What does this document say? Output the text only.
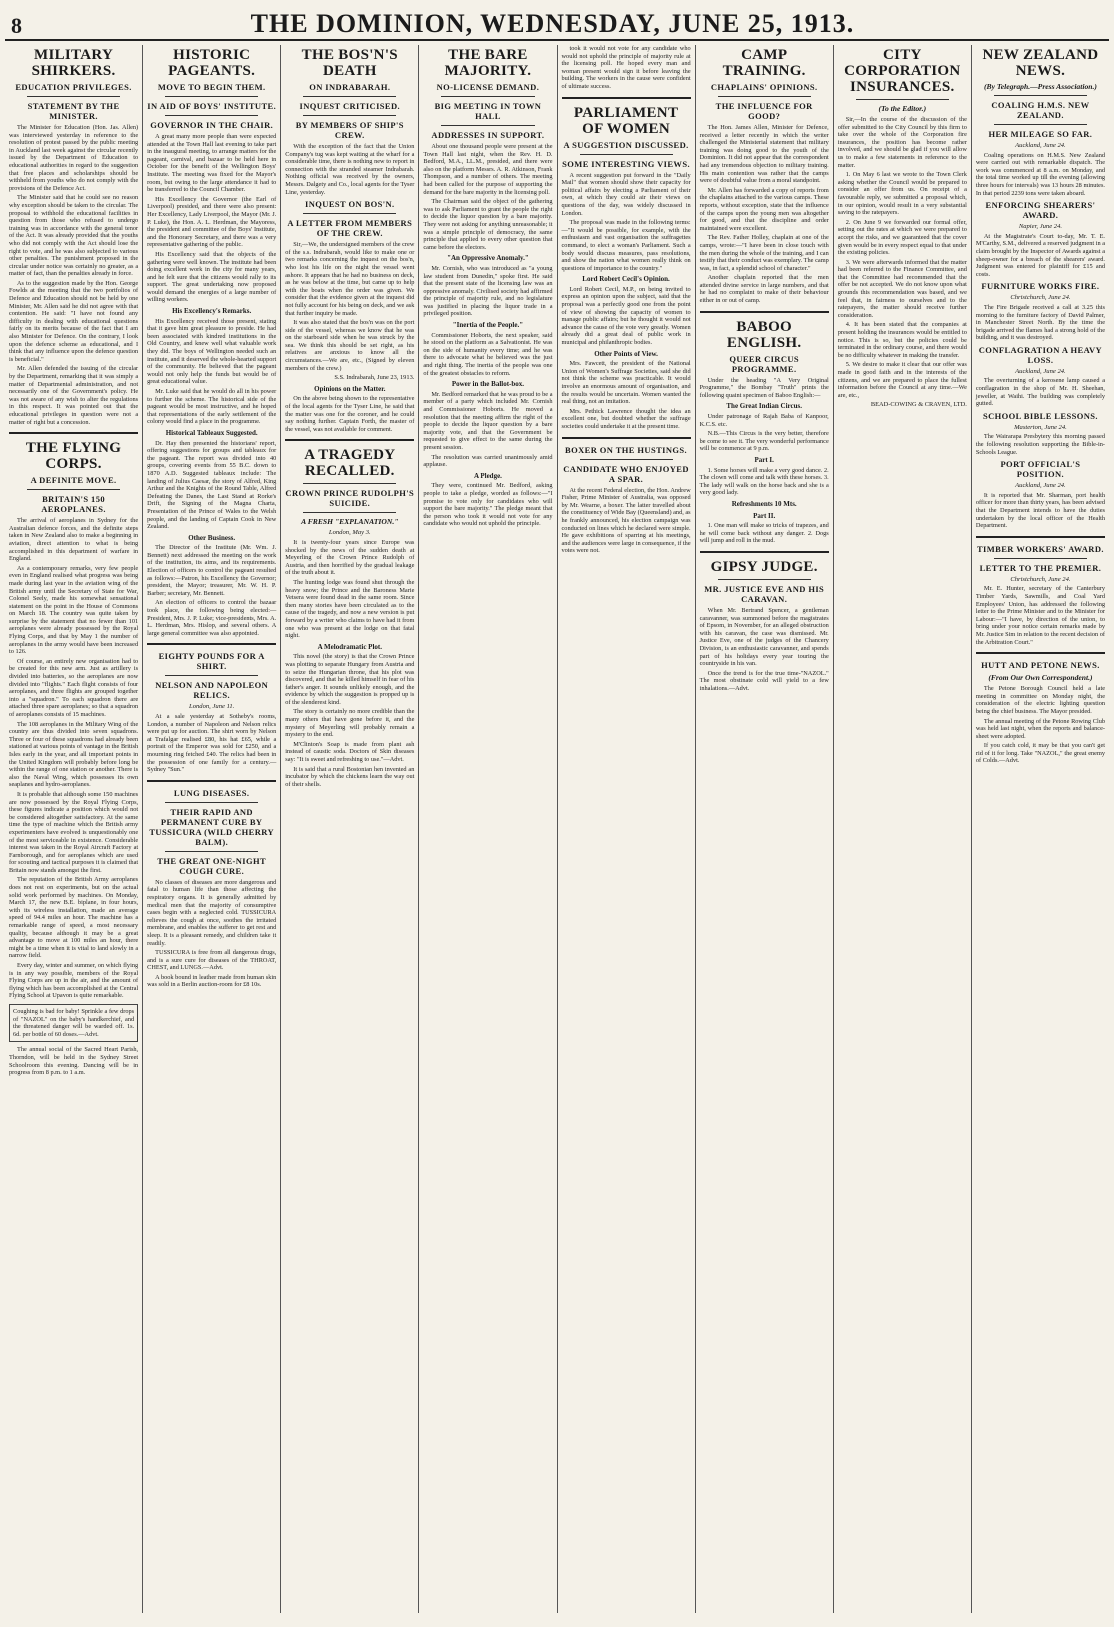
8	THE DOMINION, WEDNESDAY, JUNE 25, 1913.
MILITARY SHIRKERS.
EDUCATION PRIVILEGES.
STATEMENT BY THE MINISTER.

The Minister for Education (Hon. Jas. Allen) was interviewed yesterday in reference to the resolution of protest passed by the public meeting in Auckland last week against the circular recently issued by the Department of Education to educational authorities in regard to the suggestion that free places and scholarships should be withheld from youths who do not comply with the provisions of the Defence Act.

The Minister said that he could see no reason why exception should be taken to the circular. The proposal to withhold the educational facilities in question from those who refused to undergo training was in accordance with the general tenor of the Act. It was already provided that the youths who did not comply with the Act should lose the right to vote, and he was also subjected to various other penalties. The punishment proposed in the circular under notice was certainly no greater, as a matter of fact, than the penalties already in force.

As to the suggestion made by the Hon. George Fowlds at the meeting that the two portfolios of Defence and Education should not be held by one Minister, Mr. Allen said he did not agree with that contention. He said: "I have not found any difficulty in dealing with educational questions fairly on its merits because of the fact that I am also Minister for Defence. On the contrary, I look upon the defence scheme as educational, and I think that any influence upon the defence question is beneficial."

Mr. Allen defended the issuing of the circular by the Department, remarking that it was simply a matter of Departmental administration, and not necessarily one of the Government's policy. He was not aware of any wish to alter the regulations in this respect. It was pointed out that the educational privileges in question were not a matter of right but a concession.

THE FLYING CORPS.
A DEFINITE MOVE.
BRITAIN'S 150 AEROPLANES.

The arrival of aeroplanes in Sydney for the Australian defence forces, and the definite steps taken in New Zealand also to make a beginning in aviation, direct attention to what is being accomplished in this department of warfare in England.

As a contemporary remarks, very few people even in England realised what progress was being made during last year in the aviation wing of the British army until the Secretary of State for War, Colonel Seely, made his somewhat sensational statement on the point in the House of Commons on March 18. The country was quite taken by surprise by the statement that no fewer than 101 aeroplanes were already possessed by the Royal Flying Corps, and that by May 1 the number of aeroplanes in the army would have been increased to 126.

Of course, an entirely new organisation had to be created for this new arm. Just as artillery is divided into batteries, so the aeroplanes are now divided into "flights." Each flight consists of four aeroplanes, and three flights are grouped together into a "squadron." To each squadron there are attached three spare aeroplanes; so that a squadron of aeroplanes consists of 15 machines.

The 108 aeroplanes in the Military Wing of the country are thus divided into seven squadrons. Three or four of these squadrons had already been stationed at various points of vantage in the British Isles early in the year, and all important points in the United Kingdom will probably before long be within the range of one station or another. There is also the Naval Wing, which possesses its own seaplanes and hydro-aeroplanes.

It is probable that although some 150 machines are now possessed by the Royal Flying Corps, these figures indicate a position which would not be considered altogether satisfactory. At the same time the type of machine which the British army experimenters have evolved is unquestionably one of the most serviceable in existence. Considerable interest was taken in the Royal Aircraft Factory at Farnborough, and for aeroplanes which are used for scouting and tactical purposes it is claimed that Britain now stands amongst the first.

The reputation of the British Army aeroplanes does not rest on experiments, but on the actual solid work performed by machines. On Monday, March 17, the new B.E. biplane, in four hours, with its wireless installation, made an average speed of 94.4 miles an hour. The machine has a remarkable range of speed, a most necessary quality, because although it may be a great advantage to move at 100 miles an hour, there might be a time when it is vital to land slowly in a narrow field.

Every day, winter and summer, on which flying is in any way possible, members of the Royal Flying Corps are up in the air, and the amount of flying which has been accomplished at the Central Flying School at Upavon is quite remarkable.

Coughing is bad for baby! Sprinkle a few drops of "NAZOL" on the baby's handkerchief, and the threatened danger will be warded off. 1s. 6d. per bottle of 60 doses.—Advt.

The annual social of the Sacred Heart Parish, Thorndon, will be held in the Sydney Street Schoolroom this evening. Dancing will be in progress from 8 p.m. to 1 a.m.

HISTORIC PAGEANTS.
MOVE TO BEGIN THEM.
IN AID OF BOYS' INSTITUTE.
GOVERNOR IN THE CHAIR.

A great many more people than were expected attended at the Town Hall last evening to take part in the inaugural meeting, to arrange matters for the pageant, carnival, and bazaar to be held here in October for the benefit of the Wellington Boys' Institute. The meeting was fixed for the Mayor's room, but owing to the large attendance it had to be transferred to the Council Chamber.

His Excellency the Governor (the Earl of Liverpool) presided, and there were also present: Her Excellency, Lady Liverpool, the Mayor (Mr. J. P. Luke), the Hon. A. L. Herdman, the Mayoress, the president and committee of the Boys' Institute, and the Honorary Secretary, and there was a very representative gathering of the public.

His Excellency said that the objects of the gathering were well known. The institute had been doing excellent work in the city for many years, and he felt sure that the citizens would rally to its support. The great undertaking now proposed would demand the energies of a large number of willing workers.

His Excellency's Remarks.

His Excellency received those present, stating that it gave him great pleasure to preside. He had been associated with kindred institutions in the Old Country, and knew well what valuable work they did. The boys of Wellington needed such an institute, and it deserved the whole-hearted support of the community. He believed that the pageant would not only help the funds but would be of great educational value.

Mr. Luke said that he would do all in his power to further the scheme. The historical side of the pageant would be most instructive, and he hoped that representations of the early settlement of the colony would find a place in the programme.

Historical Tableaux Suggested.

Dr. Hay then presented the historians' report, offering suggestions for groups and tableaux for the pageant. The report was divided into 40 groups, covering events from 55 B.C. down to 1870 A.D. Suggested tableaux include: The landing of Julius Caesar, the story of Alfred, King Arthur and the Knights of the Round Table, Alfred Defeating the Danes, the Last Stand at Rorke's Drift, the Signing of the Magna Charta, Presentation of the Prince of Wales to the Welsh people, and the landing of Captain Cook in New Zealand.

Other Business.

The Director of the Institute (Mr. Wm. J. Bennett) next addressed the meeting on the work of the institution, its aims, and its requirements. Election of officers to control the pageant resulted as follows:—Patron, his Excellency the Governor; president, the Mayor; treasurer, Mr. W. H. P. Barber; secretary, Mr. Bennett.

An election of officers to control the bazaar took place, the following being elected:—President, Mrs. J. P. Luke; vice-presidents, Mrs. A. L. Herdman, Mrs. Hislop, and several others. A large general committee was also appointed.

EIGHTY POUNDS FOR A SHIRT.
NELSON AND NAPOLEON RELICS.
London, June 11.

At a sale yesterday at Sotheby's rooms, London, a number of Napoleon and Nelson relics were put up for auction. The shirt worn by Nelson at Trafalgar realised £80, his hat £65, while a portrait of the Emperor was sold for £250, and a mourning ring fetched £40. The relics had been in the possession of one family for a century.—Sydney "Sun."

LUNG DISEASES.
THEIR RAPID AND PERMANENT CURE BY TUSSICURA (WILD CHERRY BALM).
THE GREAT ONE-NIGHT COUGH CURE.

No classes of diseases are more dangerous and fatal to human life than those affecting the respiratory organs. It is generally admitted by medical men that the majority of consumptive cases begin with a neglected cold. TUSSICURA relieves the cough at once, soothes the irritated membrane, and enables the sufferer to get rest and sleep. It is a pleasant remedy, and children take it readily.

TUSSICURA is free from all dangerous drugs, and is a sure cure for diseases of the THROAT, CHEST, and LUNGS.—Advt.

A book bound in leather made from human skin was sold in a Berlin auction-room for £8 10s.

THE BOS'N'S DEATH
ON INDRABARAH.
INQUEST CRITICISED.
BY MEMBERS OF SHIP'S CREW.

With the exception of the fact that the Union Company's tug was kept waiting at the wharf for a considerable time, there is nothing new to report in connection with the stranded steamer Indrabarah. Nothing official was received by the owners, Messrs. Dalgety and Co., local agents for the Tyser Line, yesterday.

INQUEST ON BOS'N.
A LETTER FROM MEMBERS OF THE CREW.

Sir,—We, the undersigned members of the crew of the s.s. Indrabarah, would like to make one or two remarks concerning the inquest on the bos'n, who lost his life on the night the vessel went ashore. It appears that he had no business on deck, as he was below at the time, but came up to help with the boats when the order was given. We consider that the evidence given at the inquest did not fully account for his being on deck, and we ask that further inquiry be made.

It was also stated that the bos'n was on the port side of the vessel, whereas we know that he was on the starboard side when he was struck by the sea. We think this should be set right, as his relatives are anxious to know all the circumstances.—We are, etc., (Signed by eleven members of the crew.)

S.S. Indrabarah, June 23, 1913.
Opinions on the Matter.

On the above being shown to the representative of the local agents for the Tyser Line, he said that the matter was one for the coroner, and he could say nothing further. Captain Forth, the master of the vessel, was not available for comment.

A TRAGEDY RECALLED.
CROWN PRINCE RUDOLPH'S SUICIDE.
A FRESH "EXPLANATION."
London, May 3.

It is twenty-four years since Europe was shocked by the news of the sudden death at Meyerling of the Crown Prince Rudolph of Austria, and then horrified by the gradual leakage of the truth about it.

The hunting lodge was found shut through the heavy snow; the Prince and the Baroness Marie Vetsera were found dead in the same room. Since then many stories have been circulated as to the cause of the tragedy, and now a new version is put forward by a writer who claims to have had it from one who was present at the lodge on that fatal night.

A Melodramatic Plot.

This novel (the story) is that the Crown Prince was plotting to separate Hungary from Austria and to seize the Hungarian throne, that his plot was discovered, and that he killed himself in fear of his father's anger. It sounds unlikely enough, and the evidence by which the suggestion is propped up is of the slenderest kind.

The story is certainly no more credible than the many others that have gone before it, and the mystery of Meyerling will probably remain a mystery to the end.

M'Clinton's Soap is made from plant ash instead of caustic soda. Doctors of Skin diseases say: "It is sweet and refreshing to use."—Advt.

It is said that a rural Bostonian hen invented an incubator by which the chickens learn the way out of their shells.

THE BARE MAJORITY.
NO-LICENSE DEMAND.
BIG MEETING IN TOWN HALL
ADDRESSES IN SUPPORT.

About one thousand people were present at the Town Hall last night, when the Rev. H. D. Bedford, M.A., LL.M., presided, and there were also on the platform Messrs. A. R. Atkinson, Frank Thompson, and a number of others. The meeting had been called for the purpose of supporting the demand for the bare majority in the licensing poll.

The Chairman said the object of the gathering was to ask Parliament to grant the people the right to decide the liquor question by a bare majority. They were not asking for anything unreasonable; it was a simple principle of democracy, the same principle that applied to every other question that came before the electors.

"An Oppressive Anomaly."

Mr. Cornish, who was introduced as "a young law student from Dunedin," spoke first. He said that the present state of the licensing law was an oppressive anomaly. Civilised society had affirmed the principle of majority rule, and no legislature was justified in placing the liquor trade in a privileged position.

"Inertia of the People."

Commissioner Hoborts, the next speaker, said he stood on the platform as a Salvationist. He was on the side of humanity every time; and he was there to advocate what he believed was the just and right thing. The inertia of the people was one of the greatest obstacles to reform.

Power in the Ballot-box.

Mr. Bedford remarked that he was proud to be a member of a party which included Mr. Cornish and Commissioner Hoborts. He moved a resolution that the meeting affirm the right of the people to decide the liquor question by a bare majority vote, and that the Government be requested to give effect to the same during the present session.

The resolution was carried unanimously amid applause.

A Pledge.

They were, continued Mr. Bedford, asking people to take a pledge, worded as follows:—"I promise to vote only for candidates who will support the bare majority." The pledge meant that the person who took it would not vote for any candidate who would not uphold the principle.

took it would not vote for any candidate who would not uphold the principle of majority rule at the licensing poll. He hoped every man and woman present would sign it before leaving the building. The workers in the cause were confident of ultimate success.

PARLIAMENT OF WOMEN
A SUGGESTION DISCUSSED.
SOME INTERESTING VIEWS.

A recent suggestion put forward in the "Daily Mail" that women should show their capacity for political affairs by electing a Parliament of their own, at which they could air their views on questions of the day, was widely discussed in London.

The proposal was made in the following terms:—"It would be possible, for example, with the enthusiasm and vast organisation the suffragettes command, to elect a woman's Parliament. Such a body would discuss measures, pass resolutions, and show the nation what women really think on questions of importance to the country."

Lord Robert Cecil's Opinion.

Lord Robert Cecil, M.P., on being invited to express an opinion upon the subject, said that the proposal was a perfectly good one from the point of view of showing the capacity of women to manage public affairs; but he thought it would not advance the cause of the vote very greatly. Women already did a great deal of public work in municipal and philanthropic bodies.

Other Points of View.

Mrs. Fawcett, the president of the National Union of Women's Suffrage Societies, said she did not think the scheme was practicable. It would involve an enormous amount of organisation, and the results would be uncertain. Women wanted the real thing, not an imitation.

Mrs. Pethick Lawrence thought the idea an excellent one, but doubted whether the suffrage societies could undertake it at the present time.

BOXER ON THE HUSTINGS.
CANDIDATE WHO ENJOYED A SPAR.

At the recent Federal election, the Hon. Andrew Fisher, Prime Minister of Australia, was opposed by Mr. Wearne, a boxer. The latter travelled about the constituency of Wide Bay (Queensland) and, as he frankly announced, his election campaign was conducted on lines which he declared were simple. He gave exhibitions of sparring at his meetings, and the audiences were large in consequence, if the votes were not.

CAMP TRAINING.
CHAPLAINS' OPINIONS.
THE INFLUENCE FOR GOOD?

The Hon. James Allen, Minister for Defence, received a letter recently in which the writer challenged the Ministerial statement that military training was doing good to the youth of the Dominion. It did not appear that the correspondent had any tremendous objection to military training. His main contention was rather that the camps were of doubtful value from a moral standpoint.

Mr. Allen has forwarded a copy of reports from the chaplains attached to the various camps. These reports, without exception, state that the influence of the camps upon the young men was altogether for good, and that the discipline and order maintained were excellent.

The Rev. Father Holley, chaplain at one of the camps, wrote:—"I have been in close touch with the men during the whole of the training, and I can testify that their conduct was exemplary. The camp was, in fact, a splendid school of character."

Another chaplain reported that the men attended divine service in large numbers, and that he had no complaint to make of their behaviour either in or out of camp.

BABOO ENGLISH.
QUEER CIRCUS PROGRAMME.

Under the heading "A Very Original Programme," the Bombay "Truth" prints the following quaint specimen of Baboo English:—

The Great Indian Circus.

Under patronage of Rajah Baba of Kanpoor, K.C.S. etc.

N.B.—This Circus is the very better, therefore be come to see it. The very wonderful performance will be commence at 9 p.m.

Part I.

1. Some horses will make a very good dance. 2. The clown will come and talk with these horses. 3. The lady will walk on the horse back and she is a very good lady.

Refreshments 10 Mts.
Part II.

1. One man will make so tricks of trapezes, and he will come back without any danger. 2. Dogs will jump and roll in the mud.

GIPSY JUDGE.
MR. JUSTICE EVE AND HIS CARAVAN.

When Mr. Bertrand Spencer, a gentleman caravanner, was summoned before the magistrates of Epsom, in November, for an alleged obstruction with his caravan, the case was dismissed. Mr. Justice Eve, one of the judges of the Chancery Division, is an enthusiastic caravanner, and spends part of his holidays every year touring the countryside in his van.

Once the trend is for the true time-"NAZOL." The most obstinate cold will yield to a few inhalations.—Advt.

CITY CORPORATION INSURANCES.
(To the Editor.)

Sir,—In the course of the discussion of the offer submitted to the City Council by this firm to take over the whole of the Corporation fire insurances, the position has become rather involved, and we should be glad if you will allow us to make a few statements in reference to the matter.

1. On May 6 last we wrote to the Town Clerk asking whether the Council would be prepared to consider an offer from us. On receipt of a favourable reply, we submitted a proposal which, in our opinion, would result in a very substantial saving to the ratepayers.

2. On June 9 we forwarded our formal offer, setting out the rates at which we were prepared to accept the risks, and we guaranteed that the cover given would be in every respect equal to that under the existing policies.

3. We were afterwards informed that the matter had been referred to the Finance Committee, and that the Committee had recommended that the offer be not accepted. We do not know upon what grounds this recommendation was based, and we feel that, in fairness to ourselves and to the ratepayers, the matter should receive further consideration.

4. It has been stated that the companies at present holding the insurances would be entitled to notice. This is so, but the policies could be terminated in the ordinary course, and there would be no difficulty whatever in making the transfer.

5. We desire to make it clear that our offer was made in good faith and in the interests of the citizens, and we are prepared to place the fullest information before the Council at any time.—We are, etc.,

BEAD-COWING & CRAVEN, LTD.
NEW ZEALAND NEWS.
(By Telegraph.—Press Association.)
COALING H.M.S. NEW ZEALAND.
HER MILEAGE SO FAR.
Auckland, June 24.

Coaling operations on H.M.S. New Zealand were carried out with remarkable dispatch. The work was commenced at 8 a.m. on Monday, and the total time worked up till the evening (allowing three hours for intervals) was 13 hours 28 minutes. In that period 2239 tons were taken aboard.

ENFORCING SHEARERS' AWARD.
Napier, June 24.

At the Magistrate's Court to-day, Mr. T. E. M'Carthy, S.M., delivered a reserved judgment in a claim brought by the Inspector of Awards against a sheep-owner for a breach of the shearers' award. Judgment was entered for plaintiff for £15 and costs.

FURNITURE WORKS FIRE.
Christchurch, June 24.

The Fire Brigade received a call at 3.25 this morning to the furniture factory of David Palmer, in Manchester Street North. By the time the brigade arrived the flames had a strong hold of the building, and it was destroyed.

CONFLAGRATION A HEAVY LOSS.
Auckland, June 24.

The overturning of a kerosene lamp caused a conflagration in the shop of Mr. H. Sheehan, jeweller, at Waihi. The building was completely gutted.

SCHOOL BIBLE LESSONS.
Masterton, June 24.

The Wairarapa Presbytery this morning passed the following resolution supporting the Bible-in-Schools League.

PORT OFFICIAL'S POSITION.
Auckland, June 24.

It is reported that Mr. Sharman, port health officer for more than thirty years, has been advised that the Department intends to have the duties undertaken by the local officer of the Health Department.

TIMBER WORKERS' AWARD.
LETTER TO THE PREMIER.
Christchurch, June 24.

Mr. E. Hunter, secretary of the Canterbury Timber Yards, Sawmills, and Coal Yard Employees' Union, has addressed the following letter to the Prime Minister and to the Minister for Labour:—"I have, by direction of the union, to bring under your notice certain remarks made by Mr. Justice Sim in relation to the recent decision of the Arbitration Court."

HUTT AND PETONE NEWS.
(From Our Own Correspondent.)

The Petone Borough Council held a late meeting in committee on Monday night, the consideration of the electric lighting question being the chief business. The Mayor presided.

The annual meeting of the Petone Rowing Club was held last night, when the reports and balance-sheet were adopted.

If you catch cold, it may be that you can't get rid of it for long. Take "NAZOL," the great enemy of Colds.—Advt.
